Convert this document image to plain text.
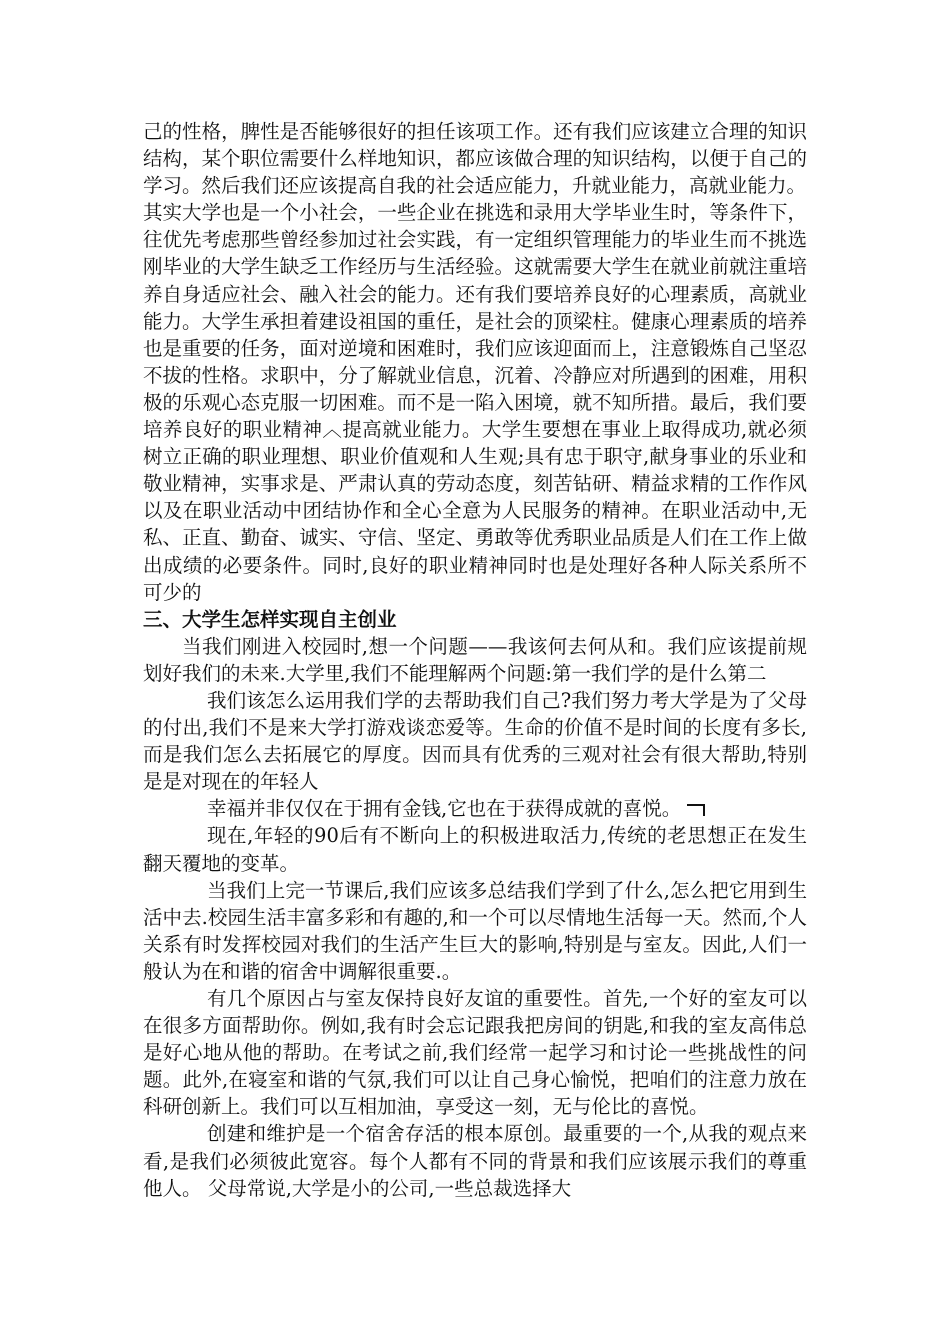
己的性格，脾性是否能够很好的担任该项工作。还有我们应该建立合理的知识结构，某个职位需要什么样地知识，都应该做合理的知识结构，以便于自己的学习。然后我们还应该提高自我的社会适应能力，升就业能力，高就业能力。

其实大学也是一个小社会，一些企业在挑选和录用大学毕业生时，等条件下，往优先考虑那些曾经参加过社会实践，有一定组织管理能力的毕业生而不挑选刚毕业的大学生缺乏工作经历与生活经验。这就需要大学生在就业前就注重培养自身适应社会、融入社会的能力。还有我们要培养良好的心理素质，高就业能力。大学生承担着建设祖国的重任，是社会的顶梁柱。健康心理素质的培养也是重要的任务，面对逆境和困难时，我们应该迎面而上，注意锻炼自己坚忍不拔的性格。求职中，分了解就业信息，沉着、冷静应对所遇到的困难，用积极的乐观心态克服一切困难。而不是一陷入困境，就不知所措。最后，我们要培养良好的职业精神︿提高就业能力。大学生要想在事业上取得成功,就必须树立正确的职业理想、职业价值观和人生观;具有忠于职守,献身事业的乐业和敬业精神，实事求是、严肃认真的劳动态度，刻苦钻研、精益求精的工作作风以及在职业活动中团结协作和全心全意为人民服务的精神。在职业活动中,无私、正直、勤奋、诚实、守信、坚定、勇敢等优秀职业品质是人们在工作上做出成绩的必要条件。同时,良好的职业精神同时也是处理好各种人际关系所不可少的

三、大学生怎样实现自主创业

当我们刚进入校园时,想一个问题——我该何去何从和。我们应该提前规划好我们的未来.大学里,我们不能理解两个问题:第一我们学的是什么第二

我们该怎么运用我们学的去帮助我们自己?我们努力考大学是为了父母的付出,我们不是来大学打游戏谈恋爱等。生命的价值不是时间的长度有多长,而是我们怎么去拓展它的厚度。因而具有优秀的三观对社会有很大帮助,特别是是对现在的年轻人

幸福并非仅仅在于拥有金钱,它也在于获得成就的喜悦。

现在,年轻的90后有不断向上的积极进取活力,传统的老思想正在发生翻天覆地的变革。

当我们上完一节课后,我们应该多总结我们学到了什么,怎么把它用到生活中去.校园生活丰富多彩和有趣的,和一个可以尽情地生活每一天。然而,个人关系有时发挥校园对我们的生活产生巨大的影响,特别是与室友。因此,人们一般认为在和谐的宿舍中调解很重要.。

有几个原因占与室友保持良好友谊的重要性。首先,一个好的室友可以在很多方面帮助你。例如,我有时会忘记跟我把房间的钥匙,和我的室友高伟总是好心地从他的帮助。在考试之前,我们经常一起学习和讨论一些挑战性的问题。此外,在寝室和谐的气氛,我们可以让自己身心愉悦，把咱们的注意力放在科研创新上。我们可以互相加油，享受这一刻，无与伦比的喜悦。

创建和维护是一个宿舍存活的根本原创。最重要的一个,从我的观点来看,是我们必须彼此宽容。每个人都有不同的背景和我们应该展示我们的尊重他人。 父母常说,大学是小的公司,一些总裁选择大
